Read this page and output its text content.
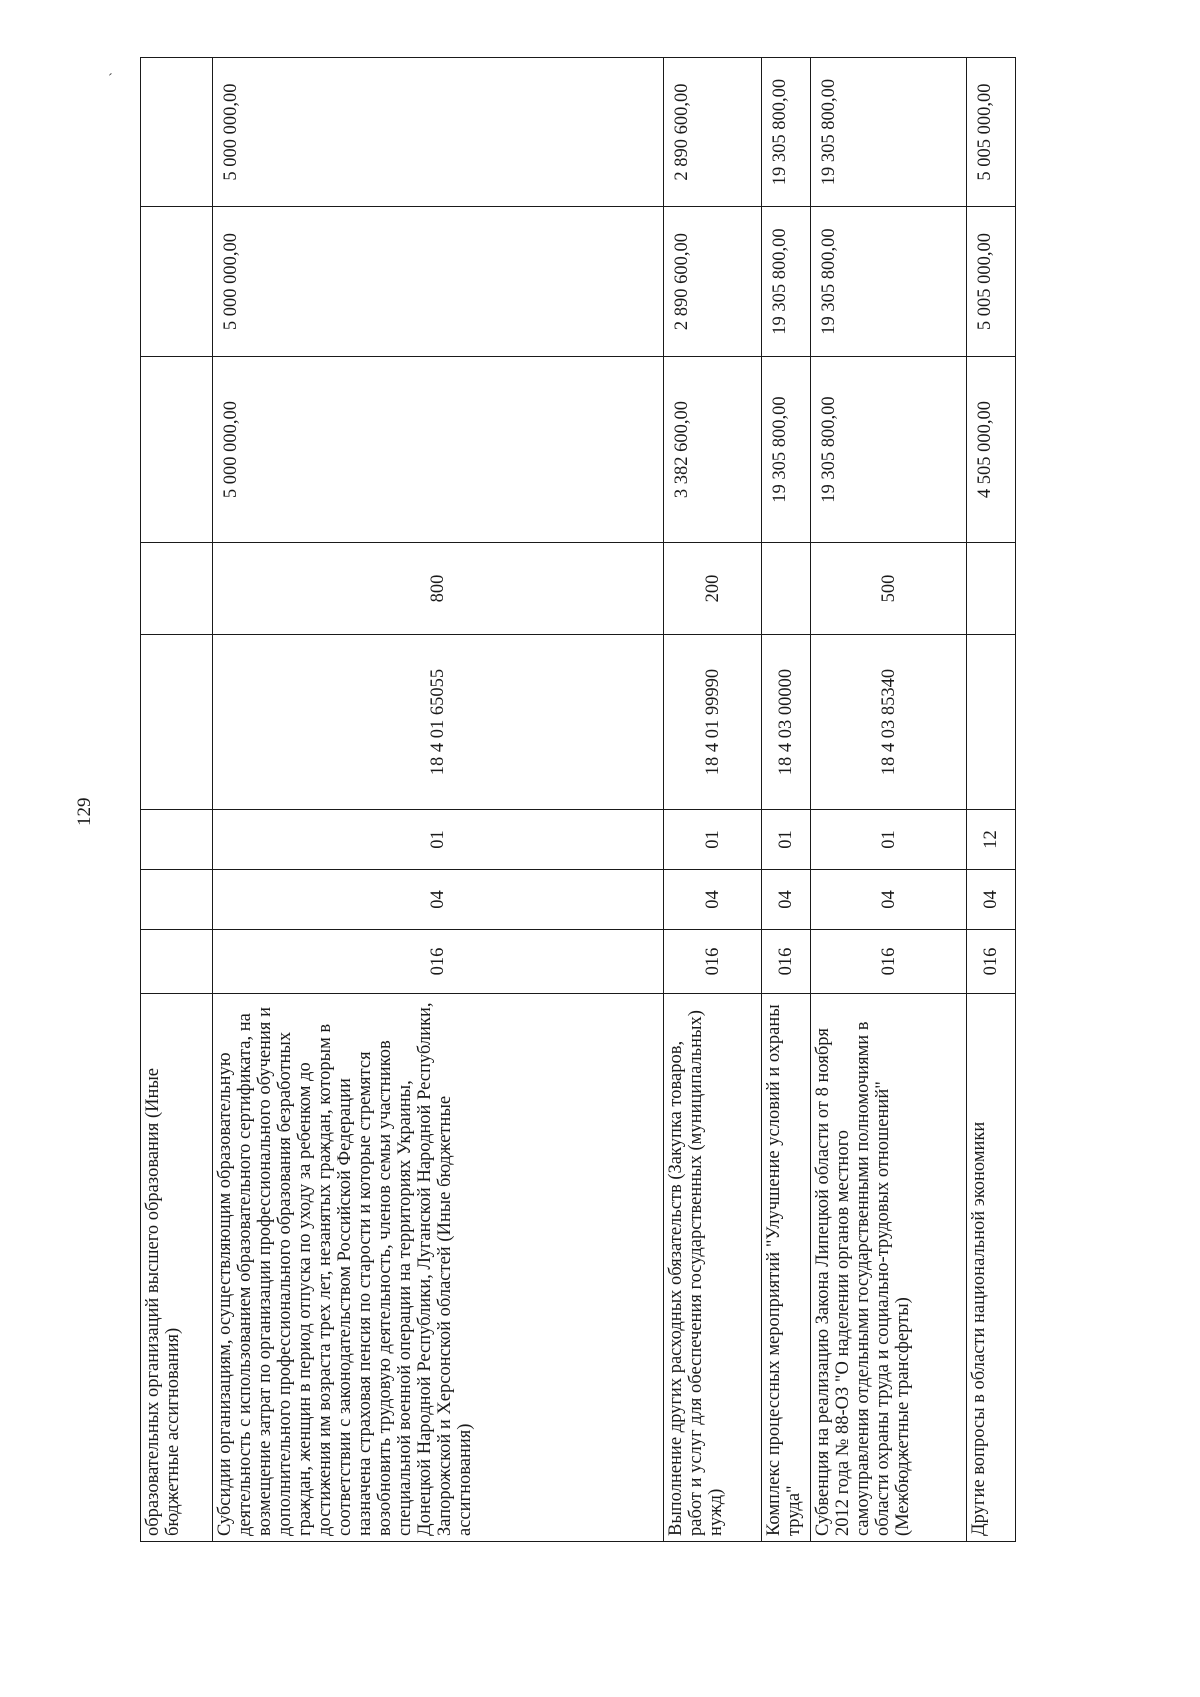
129
ˊ
образовательных организаций высшего образования (Иные бюджетные ассигнования)								
Субсидии организациям, осуществляющим образовательную деятельность с использованием образовательного сертификата, на возмещение затрат по организации профессионального обучения и дополнительного профессионального образования безработных граждан, женщин в период отпуска по уходу за ребенком до достижения им возраста трех лет, незанятых граждан, которым в соответствии с законодательством Российской Федерации назначена страховая пенсия по старости и которые стремятся возобновить трудовую деятельность, членов семьи участников специальной военной операции на территориях Украины, Донецкой Народной Республики, Луганской Народной Республики, Запорожской и Херсонской областей (Иные бюджетные ассигнования)	016	04	01	18 4 01 65055	800	5 000 000,00	5 000 000,00	5 000 000,00
Выполнение других расходных обязательств (Закупка товаров, работ и услуг для обеспечения государственных (муниципальных) нужд)	016	04	01	18 4 01 99990	200	3 382 600,00	2 890 600,00	2 890 600,00
Комплекс процессных мероприятий "Улучшение условий и охраны труда"	016	04	01	18 4 03 00000		19 305 800,00	19 305 800,00	19 305 800,00
Субвенция на реализацию Закона Липецкой области от 8 ноября 2012 года № 88-ОЗ "О наделении органов местного самоуправления отдельными государственными полномочиями в области охраны труда и социально-трудовых отношений" (Межбюджетные трансферты)	016	04	01	18 4 03 85340	500	19 305 800,00	19 305 800,00	19 305 800,00
Другие вопросы в области национальной экономики	016	04	12			4 505 000,00	5 005 000,00	5 005 000,00
